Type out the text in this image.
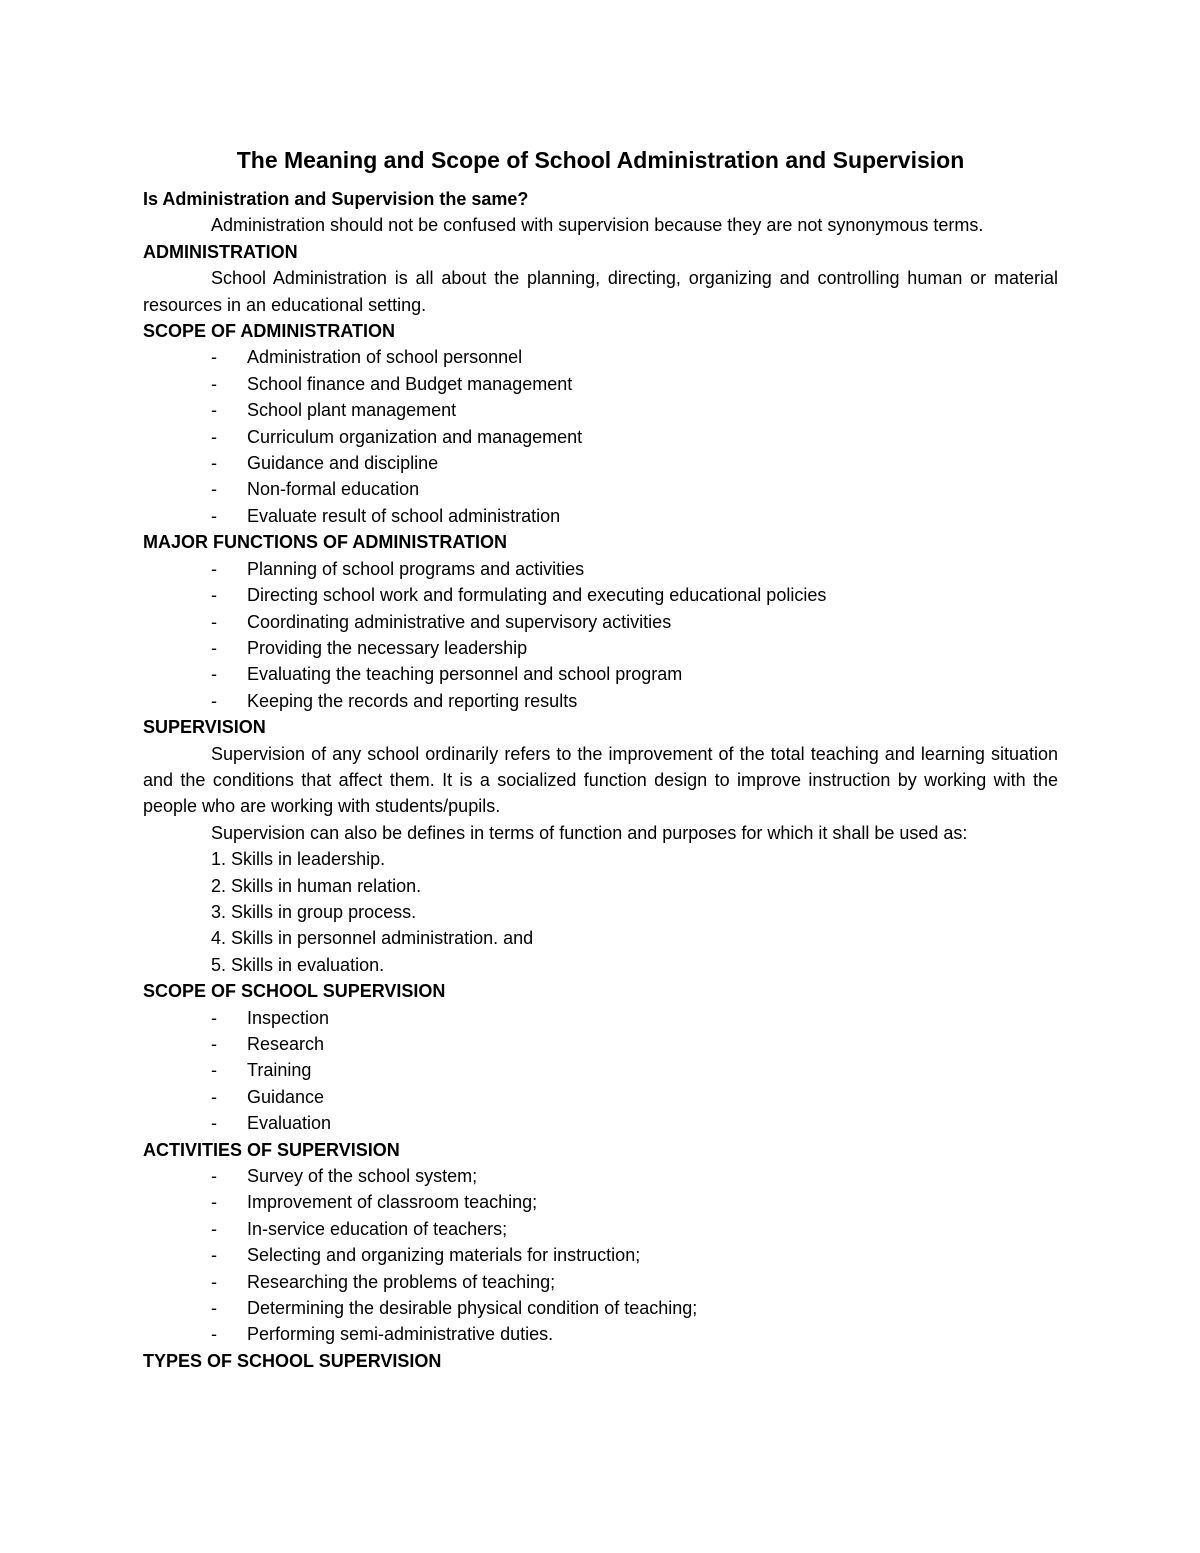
The Meaning and Scope of School Administration and Supervision

Is Administration and Supervision the same?

Administration should not be confused with supervision because they are not synonymous terms.

ADMINISTRATION

School Administration is all about the planning, directing, organizing and controlling human or material resources in an educational setting.

SCOPE OF ADMINISTRATION

- Administration of school personnel
- School finance and Budget management
- School plant management
- Curriculum organization and management
- Guidance and discipline
- Non-formal education
- Evaluate result of school administration

MAJOR FUNCTIONS OF ADMINISTRATION

- Planning of school programs and activities
- Directing school work and formulating and executing educational policies
- Coordinating administrative and supervisory activities
- Providing the necessary leadership
- Evaluating the teaching personnel and school program
- Keeping the records and reporting results

SUPERVISION

Supervision of any school ordinarily refers to the improvement of the total teaching and learning situation and the conditions that affect them. It is a socialized function design to improve instruction by working with the people who are working with students/pupils.

Supervision can also be defines in terms of function and purposes for which it shall be used as:

1. Skills in leadership.
2. Skills in human relation.
3. Skills in group process.
4. Skills in personnel administration. and
5. Skills in evaluation.

SCOPE OF SCHOOL SUPERVISION

- Inspection
- Research
- Training
- Guidance
- Evaluation

ACTIVITIES OF SUPERVISION

- Survey of the school system;
- Improvement of classroom teaching;
- In-service education of teachers;
- Selecting and organizing materials for instruction;
- Researching the problems of teaching;
- Determining the desirable physical condition of teaching;
- Performing semi-administrative duties.

TYPES OF SCHOOL SUPERVISION
